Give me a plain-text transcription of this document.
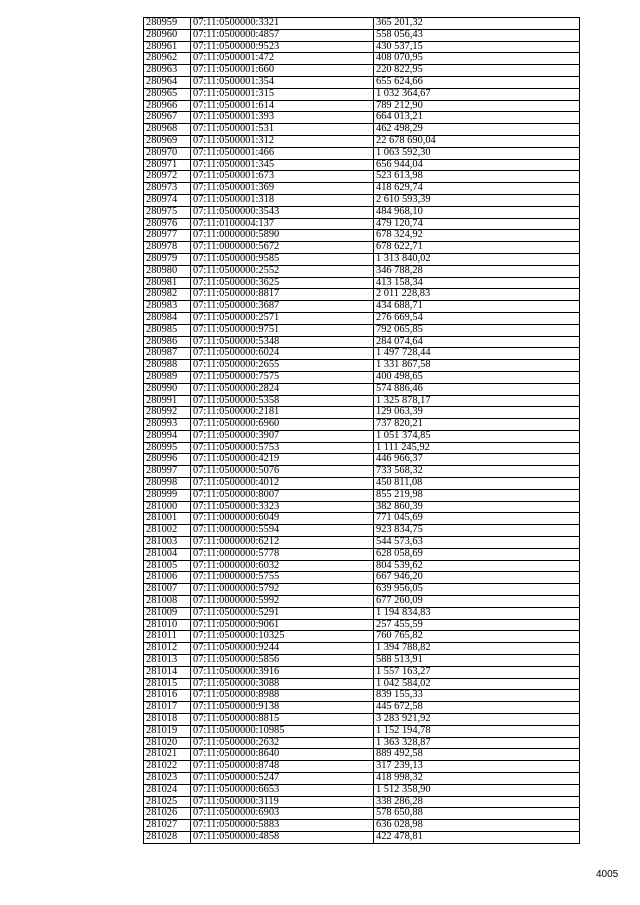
280959	07:11:0500000:3321	365 201,32
280960	07:11:0500000:4857	558 056,43
280961	07:11:0500000:9523	430 537,15
280962	07:11:0500001:472	408 070,95
280963	07:11:0500001:660	220 822,95
280964	07:11:0500001:354	655 624,66
280965	07:11:0500001:315	1 032 364,67
280966	07:11:0500001:614	789 212,90
280967	07:11:0500001:393	664 013,21
280968	07:11:0500001:531	462 498,29
280969	07:11:0500001:312	22 678 690,04
280970	07:11:0500001:466	1 063 592,30
280971	07:11:0500001:345	656 944,04
280972	07:11:0500001:673	523 613,98
280973	07:11:0500001:369	418 629,74
280974	07:11:0500001:318	2 610 593,39
280975	07:11:0500000:3543	484 968,10
280976	07:11:0100004:137	479 120,74
280977	07:11:0000000:5890	678 324,92
280978	07:11:0000000:5672	678 622,71
280979	07:11:0500000:9585	1 313 840,02
280980	07:11:0500000:2552	346 788,28
280981	07:11:0500000:3625	413 158,34
280982	07:11:0500000:8817	2 011 228,83
280983	07:11:0500000:3687	434 688,71
280984	07:11:0500000:2571	276 669,54
280985	07:11:0500000:9751	792 065,85
280986	07:11:0500000:5348	284 074,64
280987	07:11:0500000:6024	1 497 728,44
280988	07:11:0500000:2655	1 331 867,58
280989	07:11:0500000:7575	400 498,65
280990	07:11:0500000:2824	574 886,46
280991	07:11:0500000:5358	1 325 878,17
280992	07:11:0500000:2181	129 063,39
280993	07:11:0500000:6960	737 820,21
280994	07:11:0500000:3907	1 051 374,85
280995	07:11:0500000:5753	1 111 245,92
280996	07:11:0500000:4219	446 966,37
280997	07:11:0500000:5076	733 568,32
280998	07:11:0500000:4012	450 811,08
280999	07:11:0500000:8007	855 219,98
281000	07:11:0500000:3323	382 860,39
281001	07:11:0000000:6049	771 045,69
281002	07:11:0000000:5594	923 834,75
281003	07:11:0000000:6212	544 573,63
281004	07:11:0000000:5778	628 058,69
281005	07:11:0000000:6032	804 539,62
281006	07:11:0000000:5755	667 946,20
281007	07:11:0000000:5792	639 956,05
281008	07:11:0000000:5992	677 260,09
281009	07:11:0500000:5291	1 194 834,83
281010	07:11:0500000:9061	257 455,59
281011	07:11:0500000:10325	760 765,82
281012	07:11:0500000:9244	1 394 788,82
281013	07:11:0500000:5856	588 513,91
281014	07:11:0500000:3916	1 557 163,27
281015	07:11:0500000:3088	1 042 584,02
281016	07:11:0500000:8988	839 155,33
281017	07:11:0500000:9138	445 672,58
281018	07:11:0500000:8815	3 283 921,92
281019	07:11:0500000:10985	1 152 194,78
281020	07:11:0500000:2632	1 363 328,87
281021	07:11:0500000:8640	889 492,58
281022	07:11:0500000:8748	317 239,13
281023	07:11:0500000:5247	418 998,32
281024	07:11:0500000:6653	1 512 358,90
281025	07:11:0500000:3119	338 286,28
281026	07:11:0500000:6903	578 650,88
281027	07:11:0500000:5883	636 028,98
281028	07:11:0500000:4858	422 478,81
4005
